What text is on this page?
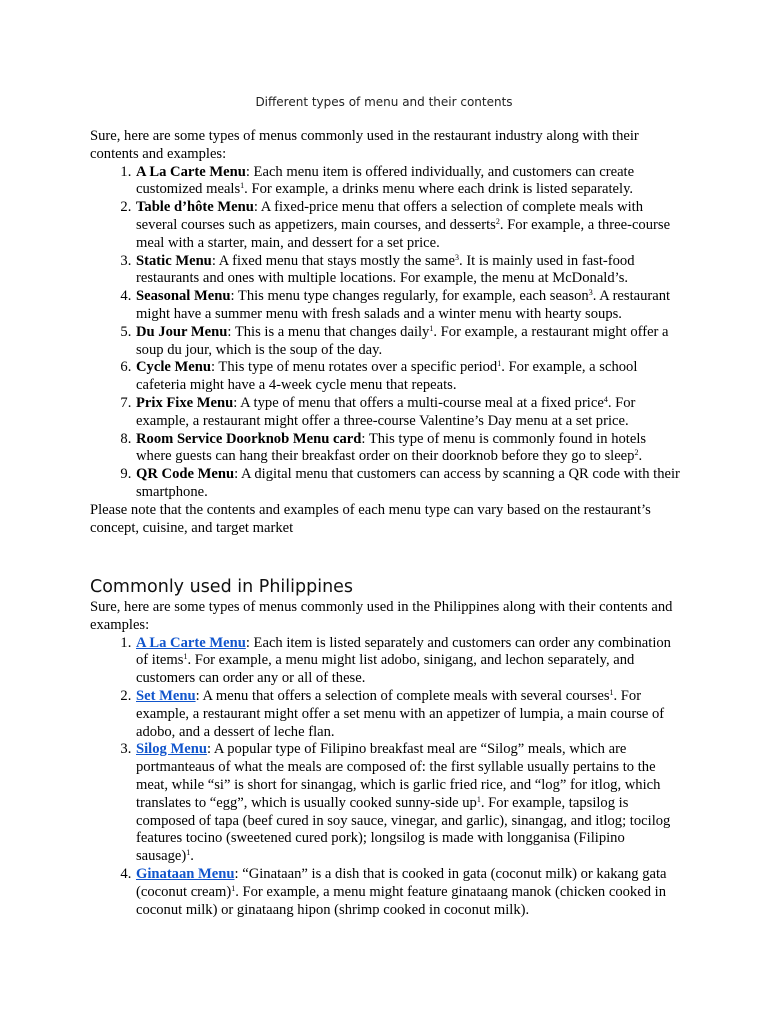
Different types of menu and their contents

Sure, here are some types of menus commonly used in the restaurant industry along with their contents and examples:

1. A La Carte Menu: Each menu item is offered individually, and customers can create customized meals$^1$. For example, a drinks menu where each drink is listed separately.
2. Table d’hôte Menu: A fixed-price menu that offers a selection of complete meals with several courses such as appetizers, main courses, and desserts$^2$. For example, a three-course meal with a starter, main, and dessert for a set price.
3. Static Menu: A fixed menu that stays mostly the same$^3$. It is mainly used in fast-food restaurants and ones with multiple locations. For example, the menu at McDonald’s.
4. Seasonal Menu: This menu type changes regularly, for example, each season$^3$. A restaurant might have a summer menu with fresh salads and a winter menu with hearty soups.
5. Du Jour Menu: This is a menu that changes daily$^1$. For example, a restaurant might offer a soup du jour, which is the soup of the day.
6. Cycle Menu: This type of menu rotates over a specific period$^1$. For example, a school cafeteria might have a 4-week cycle menu that repeats.
7. Prix Fixe Menu: A type of menu that offers a multi-course meal at a fixed price$^4$. For example, a restaurant might offer a three-course Valentine’s Day menu at a set price.
8. Room Service Doorknob Menu card: This type of menu is commonly found in hotels where guests can hang their breakfast order on their doorknob before they go to sleep$^2$.
9. QR Code Menu: A digital menu that customers can access by scanning a QR code with their smartphone.

Please note that the contents and examples of each menu type can vary based on the restaurant’s concept, cuisine, and target market

Commonly used in Philippines

Sure, here are some types of menus commonly used in the Philippines along with their contents and examples:

1. A La Carte Menu: Each item is listed separately and customers can order any combination of items$^1$. For example, a menu might list adobo, sinigang, and lechon separately, and customers can order any or all of these.
2. Set Menu: A menu that offers a selection of complete meals with several courses$^1$. For example, a restaurant might offer a set menu with an appetizer of lumpia, a main course of adobo, and a dessert of leche flan.
3. Silog Menu: A popular type of Filipino breakfast meal are “Silog” meals, which are portmanteaus of what the meals are composed of: the first syllable usually pertains to the meat, while “si” is short for sinangag, which is garlic fried rice, and “log” for itlog, which translates to “egg”, which is usually cooked sunny-side $up^1$. For example, tapsilog is composed of tapa (beef cured in soy sauce, vinegar, and garlic), sinangag, and itlog; tocilog features tocino (sweetened cured pork); longsilog is made with longganisa (Filipino sausage)$^1$.
4. Ginataan Menu: “Ginataan” is a dish that is cooked in gata (coconut milk) or kakang gata (coconut cream)$^1$. For example, a menu might feature ginataang manok (chicken cooked in coconut milk) or ginataang hipon (shrimp cooked in coconut milk).
